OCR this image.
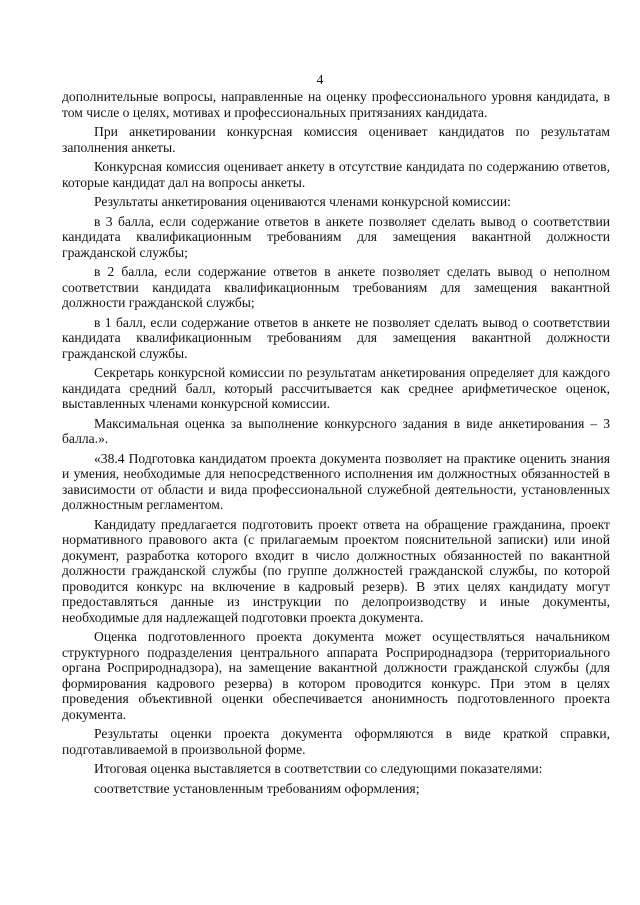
4

дополнительные вопросы, направленные на оценку профессионального уровня кандидата, в том числе о целях, мотивах и профессиональных притязаниях кандидата.

При анкетировании конкурсная комиссия оценивает кандидатов по результатам заполнения анкеты.

Конкурсная комиссия оценивает анкету в отсутствие кандидата по содержанию ответов, которые кандидат дал на вопросы анкеты.

Результаты анкетирования оцениваются членами конкурсной комиссии:

в 3 балла, если содержание ответов в анкете позволяет сделать вывод о соответствии кандидата квалификационным требованиям для замещения вакантной должности гражданской службы;

в 2 балла, если содержание ответов в анкете позволяет сделать вывод о неполном соответствии кандидата квалификационным требованиям для замещения вакантной должности гражданской службы;

в 1 балл, если содержание ответов в анкете не позволяет сделать вывод о соответствии кандидата квалификационным требованиям для замещения вакантной должности гражданской службы.

Секретарь конкурсной комиссии по результатам анкетирования определяет для каждого кандидата средний балл, который рассчитывается как среднее арифметическое оценок, выставленных членами конкурсной комиссии.

Максимальная оценка за выполнение конкурсного задания в виде анкетирования – 3 балла.».

«38.4 Подготовка кандидатом проекта документа позволяет на практике оценить знания и умения, необходимые для непосредственного исполнения им должностных обязанностей в зависимости от области и вида профессиональной служебной деятельности, установленных должностным регламентом.

Кандидату предлагается подготовить проект ответа на обращение гражданина, проект нормативного правового акта (с прилагаемым проектом пояснительной записки) или иной документ, разработка которого входит в число должностных обязанностей по вакантной должности гражданской службы (по группе должностей гражданской службы, по которой проводится конкурс на включение в кадровый резерв). В этих целях кандидату могут предоставляться данные из инструкции по делопроизводству и иные документы, необходимые для надлежащей подготовки проекта документа.

Оценка подготовленного проекта документа может осуществляться начальником структурного подразделения центрального аппарата Росприроднадзора (территориального органа Росприроднадзора), на замещение вакантной должности гражданской службы (для формирования кадрового резерва) в котором проводится конкурс. При этом в целях проведения объективной оценки обеспечивается анонимность подготовленного проекта документа.

Результаты оценки проекта документа оформляются в виде краткой справки, подготавливаемой в произвольной форме.

Итоговая оценка выставляется в соответствии со следующими показателями:

соответствие установленным требованиям оформления;
